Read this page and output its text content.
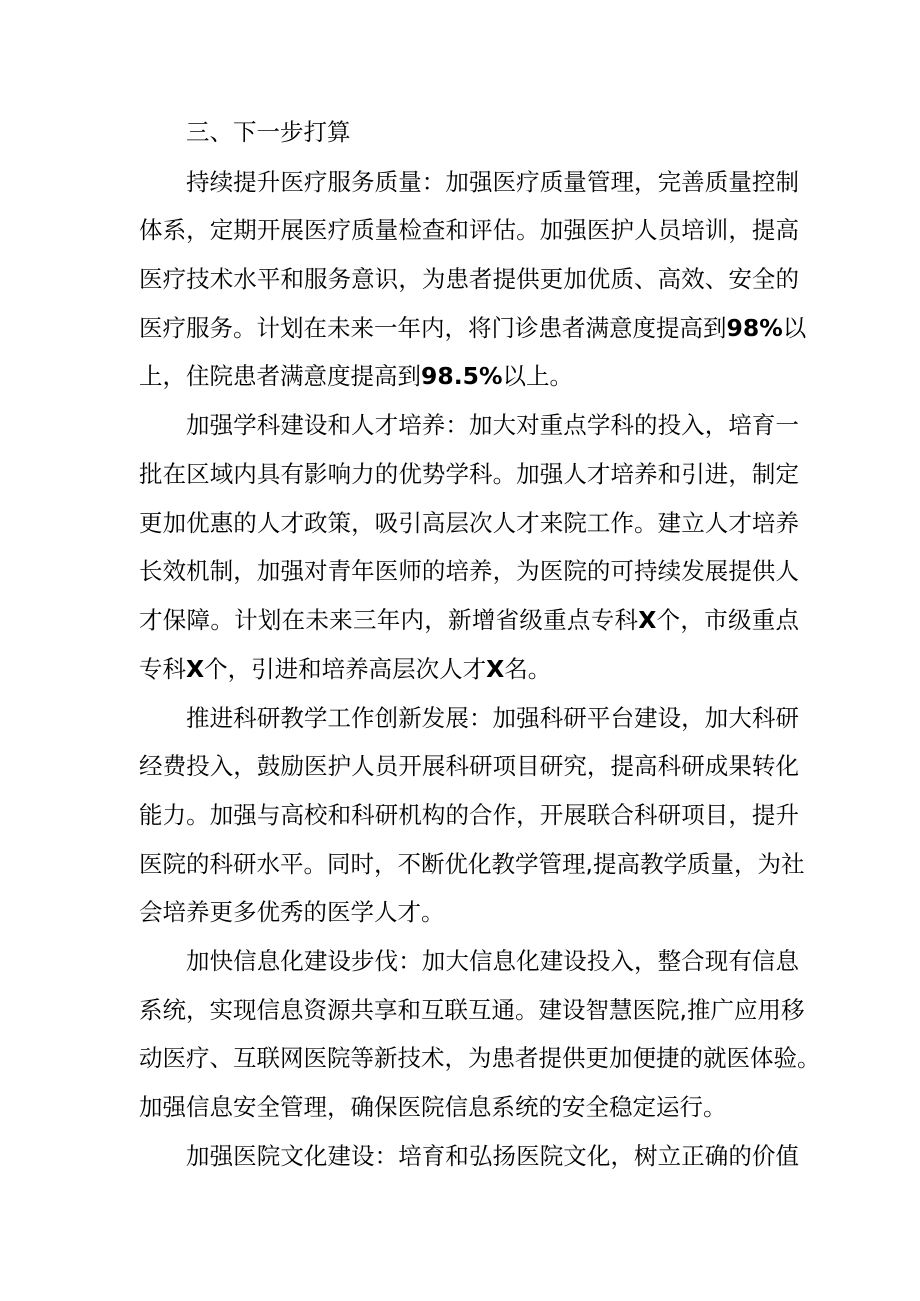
三、下一步打算
持续提升医疗服务质量：加强医疗质量管理，完善质量控制
体系，定期开展医疗质量检查和评估。加强医护人员培训，提高
医疗技术水平和服务意识，为患者提供更加优质、高效、安全的
医疗服务。计划在未来一年内，将门诊患者满意度提高到98%以
上，住院患者满意度提高到98.5%以上。
加强学科建设和人才培养：加大对重点学科的投入，培育一
批在区域内具有影响力的优势学科。加强人才培养和引进，制定
更加优惠的人才政策，吸引高层次人才来院工作。建立人才培养
长效机制，加强对青年医师的培养，为医院的可持续发展提供人
才保障。计划在未来三年内，新增省级重点专科X个，市级重点
专科X个，引进和培养高层次人才X名。
推进科研教学工作创新发展：加强科研平台建设，加大科研
经费投入，鼓励医护人员开展科研项目研究，提高科研成果转化
能力。加强与高校和科研机构的合作，开展联合科研项目，提升
医院的科研水平。同时，不断优化教学管理,提高教学质量，为社
会培养更多优秀的医学人才。
加快信息化建设步伐：加大信息化建设投入，整合现有信息
系统，实现信息资源共享和互联互通。建设智慧医院,推广应用移
动医疗、互联网医院等新技术，为患者提供更加便捷的就医体验。
加强信息安全管理，确保医院信息系统的安全稳定运行。
加强医院文化建设：培育和弘扬医院文化，树立正确的价值
